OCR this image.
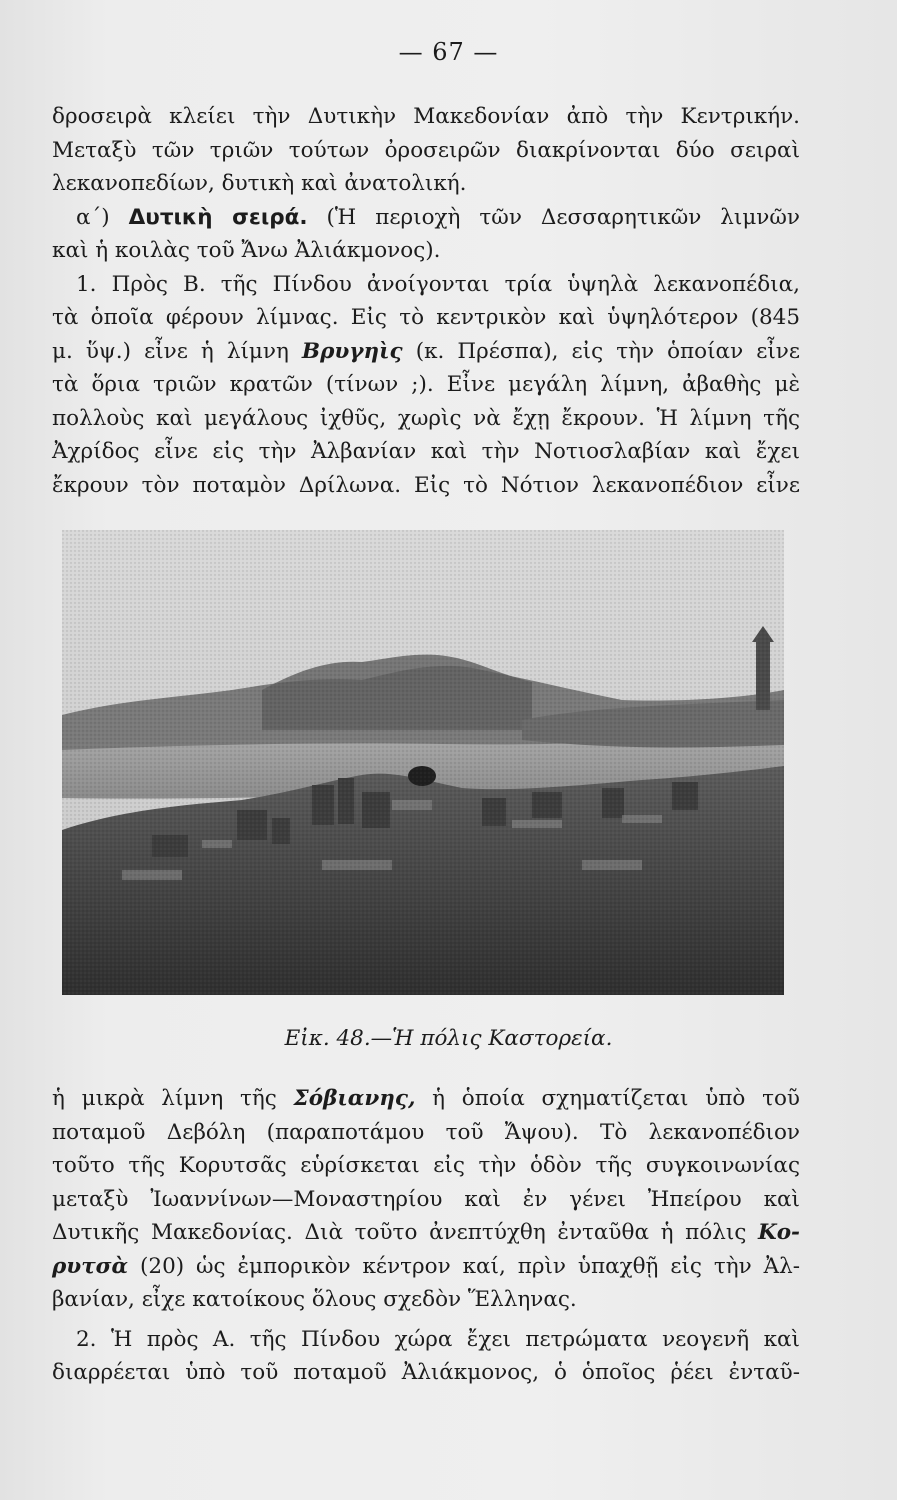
— 67 —
δροσειρὰ κλείει τὴν Δυτικὴν Μακεδονίαν ἀπὸ τὴν Κεντρικήν.
Μεταξὺ τῶν τριῶν τούτων ὀροσειρῶν διακρίνονται δύο σειραὶ
λεκανοπεδίων, δυτικὴ καὶ ἀνατολική.
α΄) Δυτικὴ σειρά. (Ἡ περιοχὴ τῶν Δεσσαρητικῶν λιμνῶν
καὶ ἡ κοιλὰς τοῦ Ἄνω Ἀλιάκμονος).
1. Πρὸς Β. τῆς Πίνδου ἀνοίγονται τρία ὑψηλὰ λεκανοπέδια,
τὰ ὁποῖα φέρουν λίμνας. Εἰς τὸ κεντρικὸν καὶ ὑψηλότερον (845
μ. ὕψ.) εἶνε ἡ λίμνη Βρυγηὶς (κ. Πρέσπα), εἰς τὴν ὁποίαν εἶνε
τὰ ὅρια τριῶν κρατῶν (τίνων ;). Εἶνε μεγάλη λίμνη, ἀβαθὴς μὲ
πολλοὺς καὶ μεγάλους ἰχθῦς, χωρὶς νὰ ἔχῃ ἔκρουν. Ἡ λίμνη τῆς
Ἀχρίδος εἶνε εἰς τὴν Ἀλβανίαν καὶ τὴν Νοτιοσλαβίαν καὶ ἔχει
ἔκρουν τὸν ποταμὸν Δρίλωνα. Εἰς τὸ Νότιον λεκανοπέδιον εἶνε
Εἰκ. 48.—Ἡ πόλις Καστορεία.
ἡ μικρὰ λίμνη τῆς Σόβιανης, ἡ ὁποία σχηματίζεται ὑπὸ τοῦ
ποταμοῦ Δεβόλη (παραποτάμου τοῦ Ἄψου). Τὸ λεκανοπέδιον
τοῦτο τῆς Κορυτσᾶς εὑρίσκεται εἰς τὴν ὁδὸν τῆς συγκοινωνίας
μεταξὺ Ἰωαννίνων—Μοναστηρίου καὶ ἐν γένει Ἠπείρου καὶ
Δυτικῆς Μακεδονίας. Διὰ τοῦτο ἀνεπτύχθη ἐνταῦθα ἡ πόλις Κο-
ρυτσὰ (20) ὡς ἐμπορικὸν κέντρον καί, πρὶν ὑπαχθῇ εἰς τὴν Ἀλ-
βανίαν, εἶχε κατοίκους ὅλους σχεδὸν Ἕλληνας.
2. Ἡ πρὸς Α. τῆς Πίνδου χώρα ἔχει πετρώματα νεογενῆ καὶ
διαρρέεται ὑπὸ τοῦ ποταμοῦ Ἀλιάκμονος, ὁ ὁποῖος ῥέει ἐνταῦ-
